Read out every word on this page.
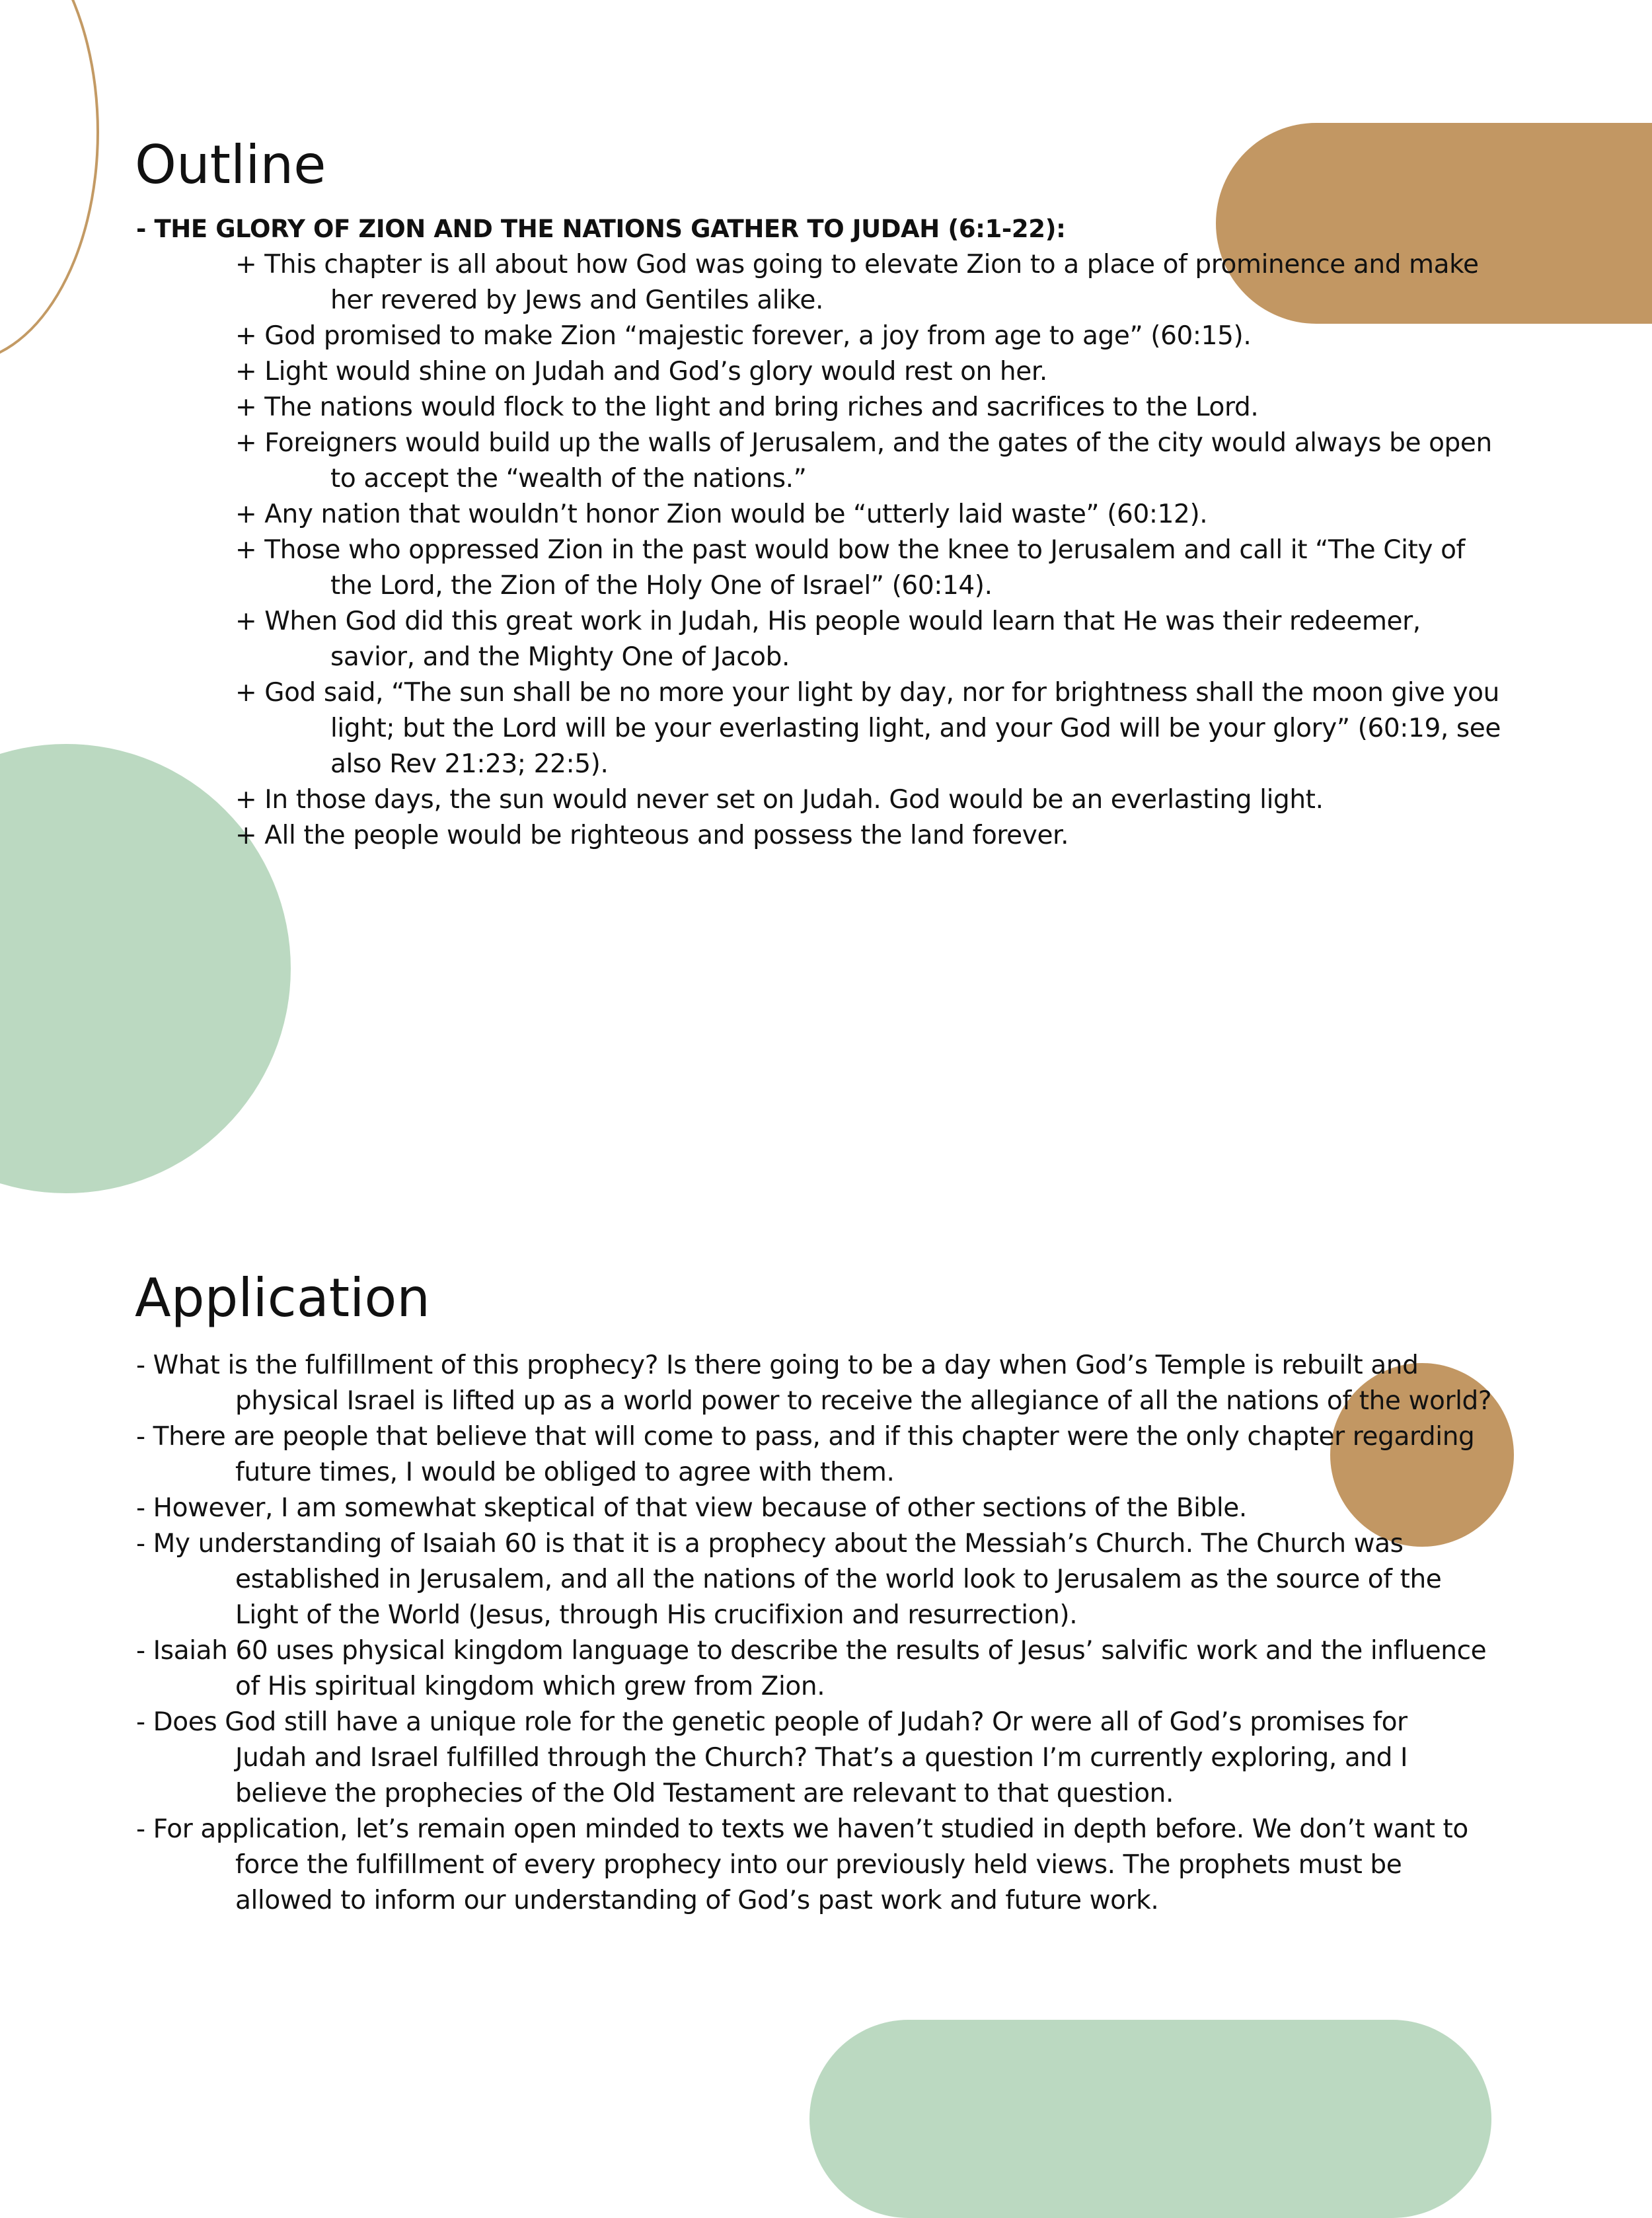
Outline
- THE GLORY OF ZION AND THE NATIONS GATHER TO JUDAH (6:1-22):
+ This chapter is all about how God was going to elevate Zion to a place of prominence and make
her revered by Jews and Gentiles alike.
+ God promised to make Zion “majestic forever, a joy from age to age” (60:15).
+ Light would shine on Judah and God’s glory would rest on her.
+ The nations would flock to the light and bring riches and sacrifices to the Lord.
+ Foreigners would build up the walls of Jerusalem, and the gates of the city would always be open
to accept the “wealth of the nations.”
+ Any nation that wouldn’t honor Zion would be “utterly laid waste” (60:12).
+ Those who oppressed Zion in the past would bow the knee to Jerusalem and call it “The City of
the Lord, the Zion of the Holy One of Israel” (60:14).
+ When God did this great work in Judah, His people would learn that He was their redeemer,
savior, and the Mighty One of Jacob.
+ God said, “The sun shall be no more your light by day, nor for brightness shall the moon give you
light; but the Lord will be your everlasting light, and your God will be your glory” (60:19, see
also Rev 21:23; 22:5).
+ In those days, the sun would never set on Judah. God would be an everlasting light.
+ All the people would be righteous and possess the land forever.
Application
- What is the fulfillment of this prophecy? Is there going to be a day when God’s Temple is rebuilt and
physical Israel is lifted up as a world power to receive the allegiance of all the nations of the world?
- There are people that believe that will come to pass, and if this chapter were the only chapter regarding
future times, I would be obliged to agree with them.
- However, I am somewhat skeptical of that view because of other sections of the Bible.
- My understanding of Isaiah 60 is that it is a prophecy about the Messiah’s Church. The Church was
established in Jerusalem, and all the nations of the world look to Jerusalem as the source of the
Light of the World (Jesus, through His crucifixion and resurrection).
- Isaiah 60 uses physical kingdom language to describe the results of Jesus’ salvific work and the influence
of His spiritual kingdom which grew from Zion.
- Does God still have a unique role for the genetic people of Judah? Or were all of God’s promises for
Judah and Israel fulfilled through the Church? That’s a question I’m currently exploring, and I
believe the prophecies of the Old Testament are relevant to that question.
- For application, let’s remain open minded to texts we haven’t studied in depth before. We don’t want to
force the fulfillment of every prophecy into our previously held views. The prophets must be
allowed to inform our understanding of God’s past work and future work.
